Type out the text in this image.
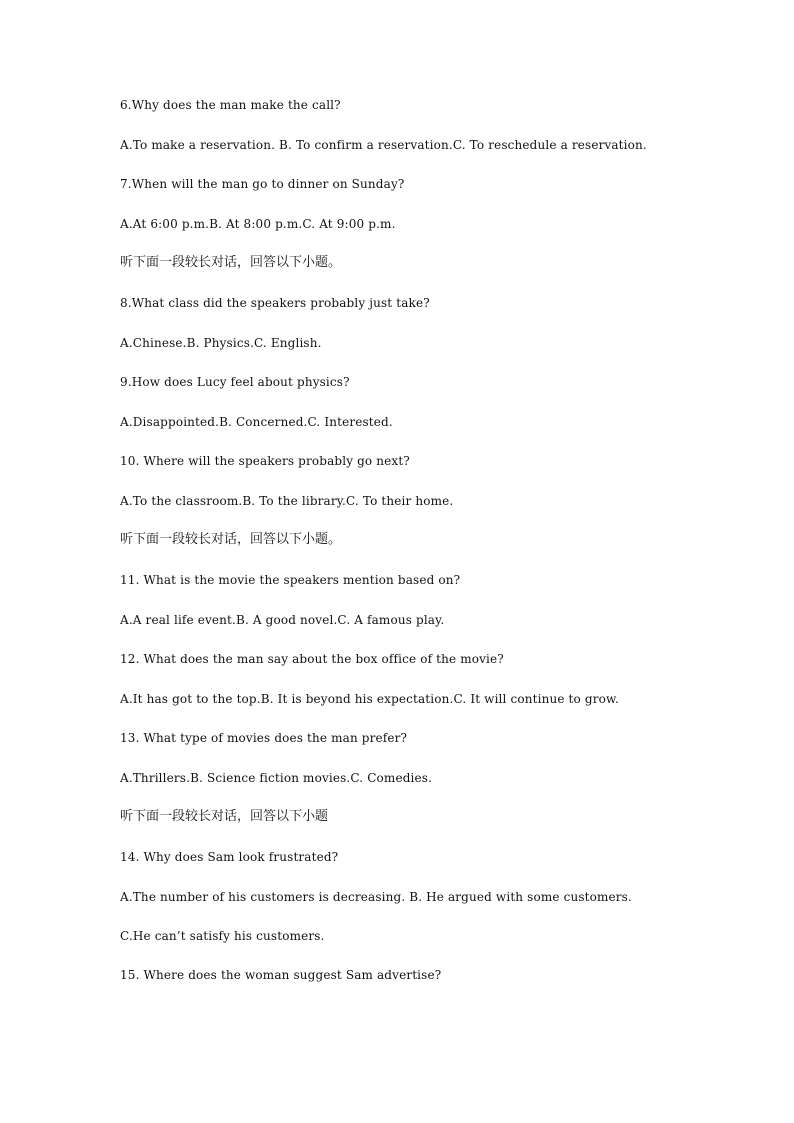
6.Why does the man make the call?

A.To make a reservation. B. To confirm a reservation.C. To reschedule a reservation.

7.When will the man go to dinner on Sunday?

A.At 6:00 p.m.B. At 8:00 p.m.C. At 9:00 p.m.

听下面一段较长对话，回答以下小题。

8.What class did the speakers probably just take?

A.Chinese.B. Physics.C. English.

9.How does Lucy feel about physics?

A.Disappointed.B. Concerned.C. Interested.

10. Where will the speakers probably go next?

A.To the classroom.B. To the library.C. To their home.

听下面一段较长对话，回答以下小题。

11. What is the movie the speakers mention based on?

A.A real life event.B. A good novel.C. A famous play.

12. What does the man say about the box office of the movie?

A.It has got to the top.B. It is beyond his expectation.C. It will continue to grow.

13. What type of movies does the man prefer?

A.Thrillers.B. Science fiction movies.C. Comedies.

听下面一段较长对话，回答以下小题

14. Why does Sam look frustrated?

A.The number of his customers is decreasing. B. He argued with some customers.

C.He can’t satisfy his customers.

15. Where does the woman suggest Sam advertise?
